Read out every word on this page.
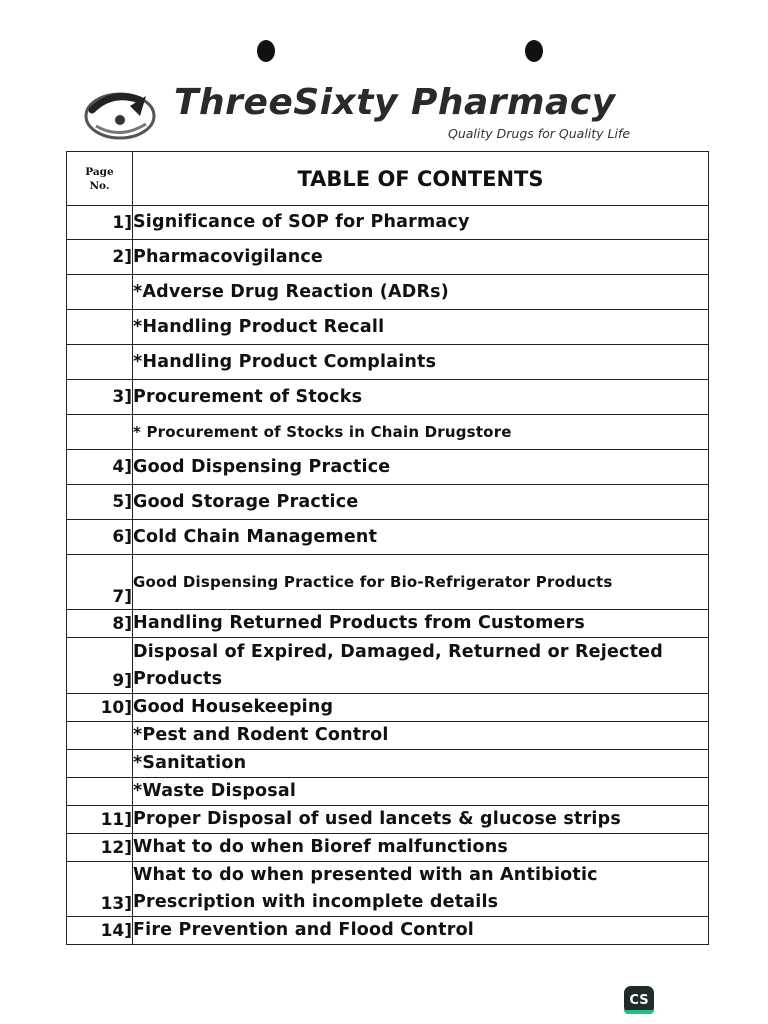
ThreeSixty Pharmacy
Quality Drugs for Quality Life
Page
No.	TABLE OF CONTENTS
1]	Significance of SOP for Pharmacy
2]	Pharmacovigilance
	*Adverse Drug Reaction (ADRs)
	*Handling Product Recall
	*Handling Product Complaints
3]	Procurement of Stocks
	* Procurement of Stocks in Chain Drugstore
4]	Good Dispensing Practice
5]	Good Storage Practice
6]	Cold Chain Management
7]	Good Dispensing Practice for Bio-Refrigerator Products
8]	Handling Returned Products from Customers
9]	Disposal of Expired, Damaged, Returned or Rejected Products
10]	Good Housekeeping
	*Pest and Rodent Control
	*Sanitation
	*Waste Disposal
11]	Proper Disposal of used lancets & glucose strips
12]	What to do when Bioref malfunctions
13]	What to do when presented with an Antibiotic Prescription with incomplete details
14]	Fire Prevention and Flood Control
CS
